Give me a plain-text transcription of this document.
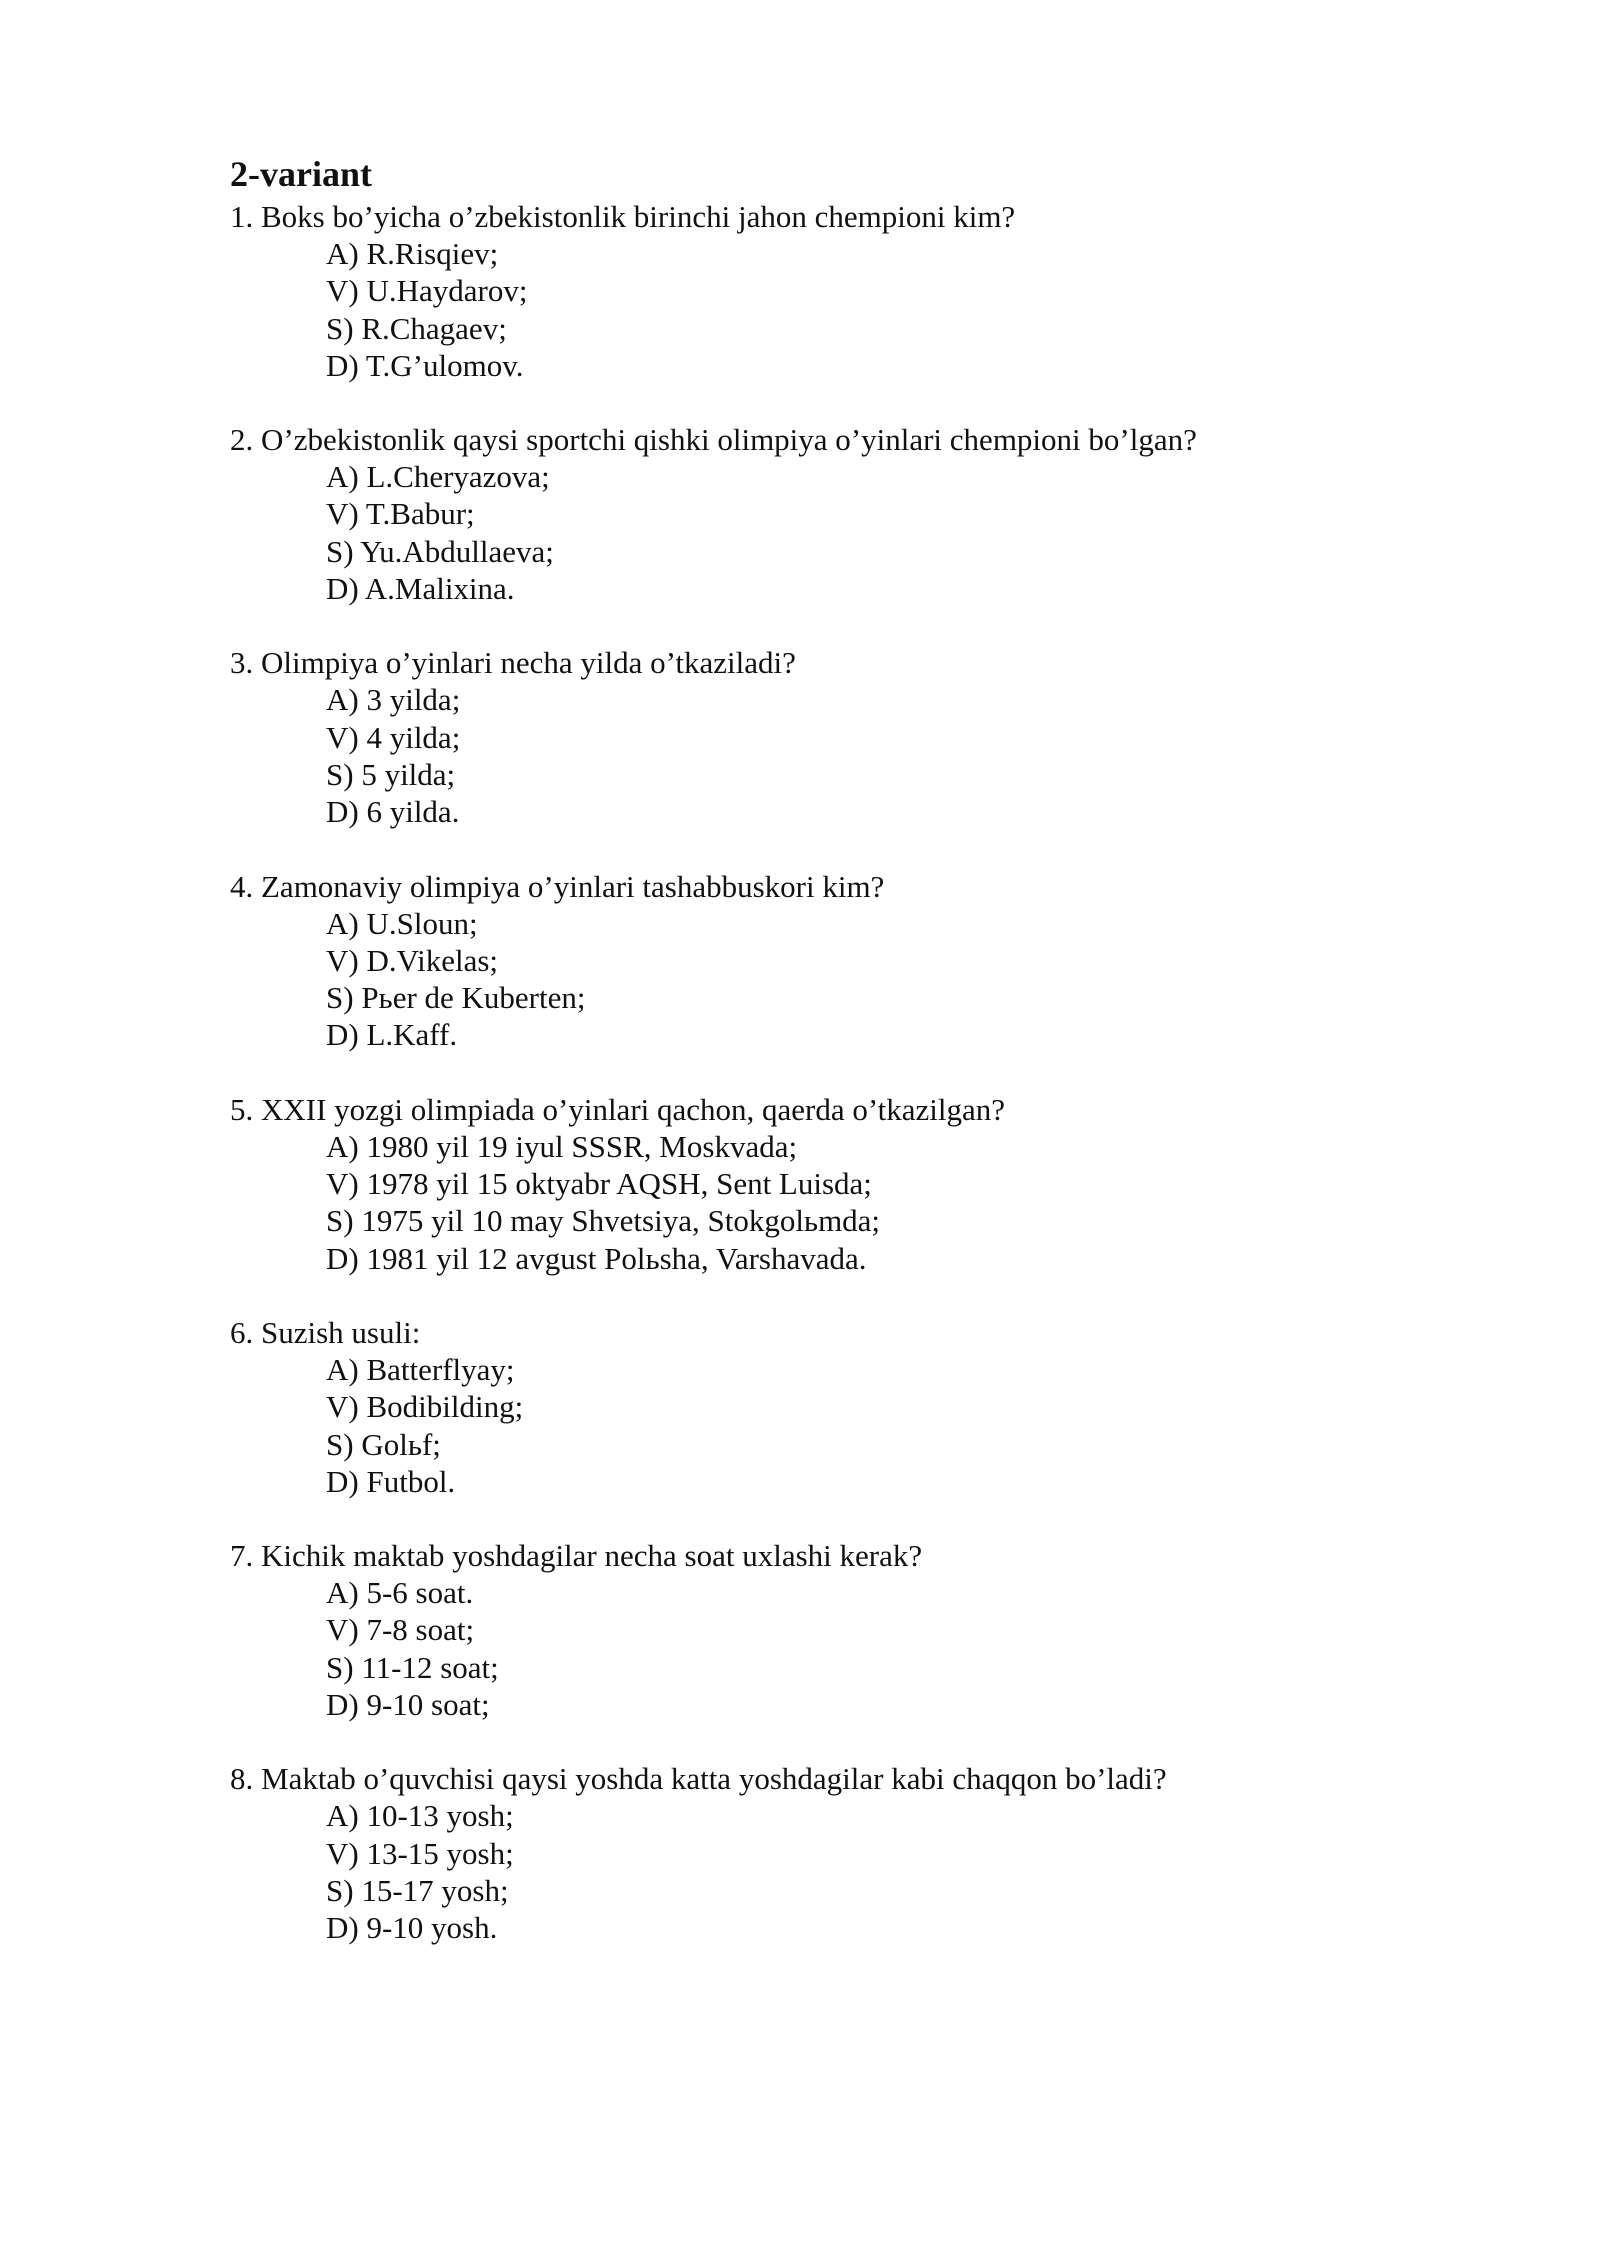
2-variant
1. Boks bo’yicha o’zbekistonlik birinchi jahon chempioni kim?
A) R.Risqiev;
V) U.Haydarov;
S) R.Chagaev;
D) T.G’ulomov.
2. O’zbekistonlik qaysi sportchi qishki olimpiya o’yinlari chempioni bo’lgan?
A) L.Cheryazova;
V) T.Babur;
S) Yu.Abdullaeva;
D) A.Malixina.
3. Olimpiya o’yinlari necha yilda o’tkaziladi?
A) 3 yilda;
V) 4 yilda;
S) 5 yilda;
D) 6 yilda.
4. Zamonaviy olimpiya o’yinlari tashabbuskori kim?
A) U.Sloun;
V) D.Vikelas;
S) Pьer de Kuberten;
D) L.Kaff.
5. XXII yozgi olimpiada o’yinlari qachon, qaerda o’tkazilgan?
A) 1980 yil 19 iyul SSSR, Moskvada;
V) 1978 yil 15 oktyabr AQSH, Sent Luisda;
S) 1975 yil 10 may Shvetsiya, Stokgolьmda;
D) 1981 yil 12 avgust Polьsha, Varshavada.
6. Suzish usuli:
A) Batterflyay;
V) Bodibilding;
S) Golьf;
D) Futbol.
7. Kichik maktab yoshdagilar necha soat uxlashi kerak?
A) 5-6 soat.
V) 7-8 soat;
S) 11-12 soat;
D) 9-10 soat;
8. Maktab o’quvchisi qaysi yoshda katta yoshdagilar kabi chaqqon bo’ladi?
A) 10-13 yosh;
V) 13-15 yosh;
S) 15-17 yosh;
D) 9-10 yosh.
